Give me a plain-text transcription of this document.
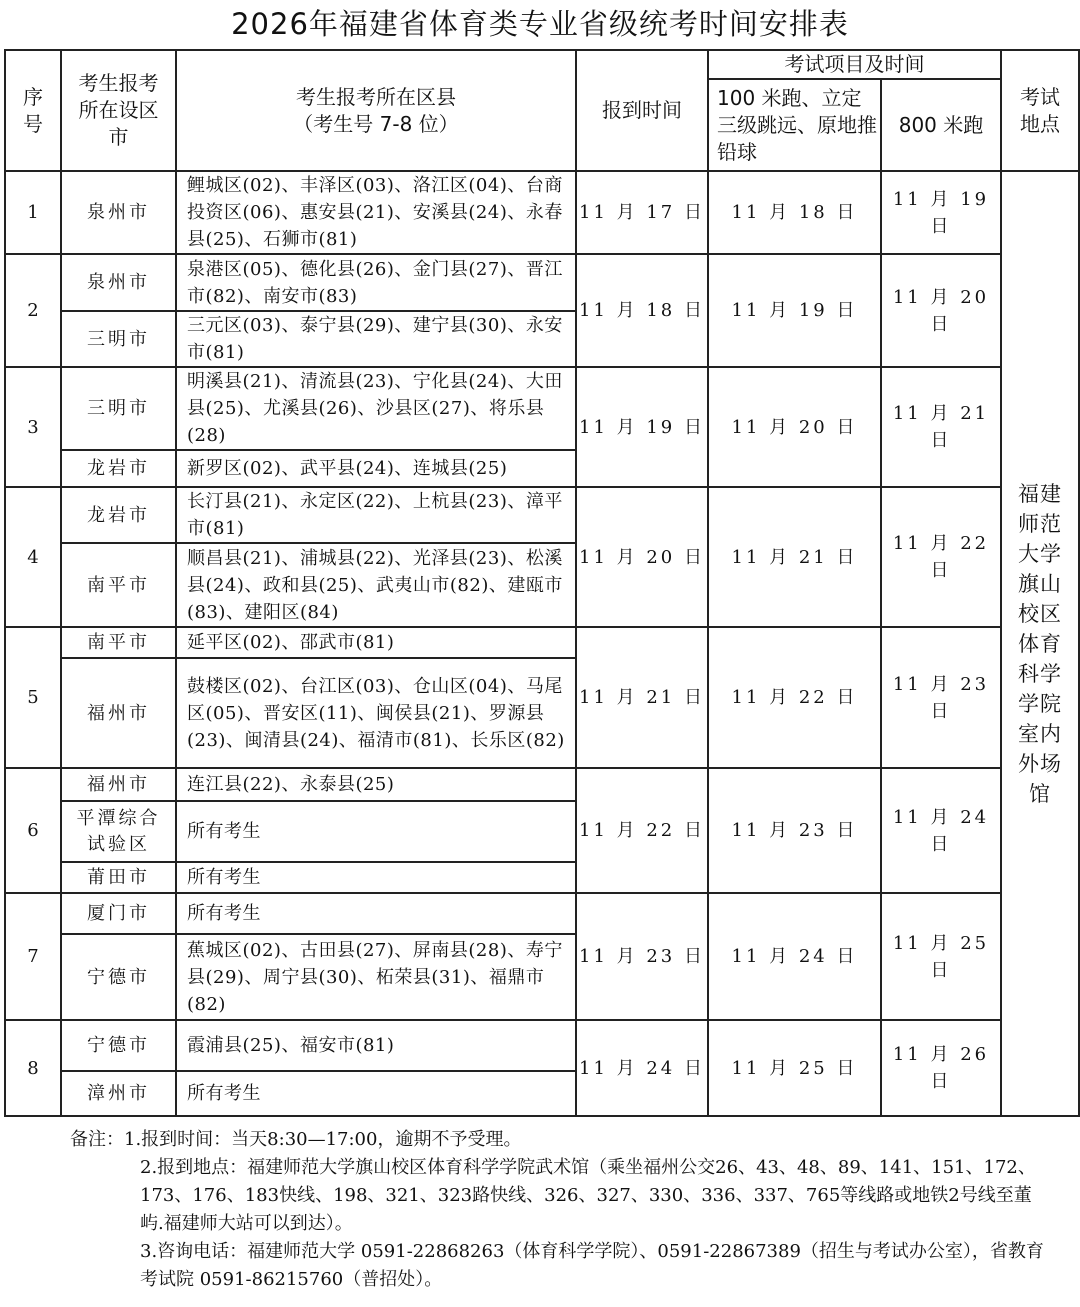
2026年福建省体育类专业省级统考时间安排表
序号	考生报考所在设区市	考生报考所在区县
（考生号 7-8 位）	报到时间	考试项目及时间		考试地点
				100 米跑、立定三级跳远、原地推铅球	800 米跑	
1	泉州市	鲤城区(02)、丰泽区(03)、洛江区(04)、台商投资区(06)、惠安县(21)、安溪县(24)、永春县(25)、石狮市(81)	11 月 17 日	11 月 18 日	11 月 19 日	福建师范大学旗山校区体育科学学院室内外场馆
2	泉州市	泉港区(05)、德化县(26)、金门县(27)、晋江市(82)、南安市(83)	11 月 18 日	11 月 19 日	11 月 20 日	
	三明市	三元区(03)、泰宁县(29)、建宁县(30)、永安市(81)				
3	三明市	明溪县(21)、清流县(23)、宁化县(24)、大田县(25)、尤溪县(26)、沙县区(27)、将乐县(28)	11 月 19 日	11 月 20 日	11 月 21 日	
	龙岩市	新罗区(02)、武平县(24)、连城县(25)				
4	龙岩市	长汀县(21)、永定区(22)、上杭县(23)、漳平市(81)	11 月 20 日	11 月 21 日	11 月 22 日	
	南平市	顺昌县(21)、浦城县(22)、光泽县(23)、松溪县(24)、政和县(25)、武夷山市(82)、建瓯市(83)、建阳区(84)				
5	南平市	延平区(02)、邵武市(81)	11 月 21 日	11 月 22 日	11 月 23 日	
	福州市	鼓楼区(02)、台江区(03)、仓山区(04)、马尾区(05)、晋安区(11)、闽侯县(21)、罗源县(23)、闽清县(24)、福清市(81)、长乐区(82)				
6	福州市	连江县(22)、永泰县(25)	11 月 22 日	11 月 23 日	11 月 24 日	
	平潭综合试验区	所有考生				
	莆田市	所有考生				
7	厦门市	所有考生	11 月 23 日	11 月 24 日	11 月 25 日	
	宁德市	蕉城区(02)、古田县(27)、屏南县(28)、寿宁县(29)、周宁县(30)、柘荣县(31)、福鼎市(82)				
8	宁德市	霞浦县(25)、福安市(81)	11 月 24 日	11 月 25 日	11 月 26 日	
	漳州市	所有考生				
备注：1.报到时间：当天8:30—17:00，逾期不予受理。
2.报到地点：福建师范大学旗山校区体育科学学院武术馆（乘坐福州公交26、43、48、89、141、151、172、173、176、183快线、198、321、323路快线、326、327、330、336、337、765等线路或地铁2号线至董屿.福建师大站可以到达）。
3.咨询电话：福建师范大学 0591-22868263（体育科学学院）、0591-22867389（招生与考试办公室），省教育考试院 0591-86215760（普招处）。
